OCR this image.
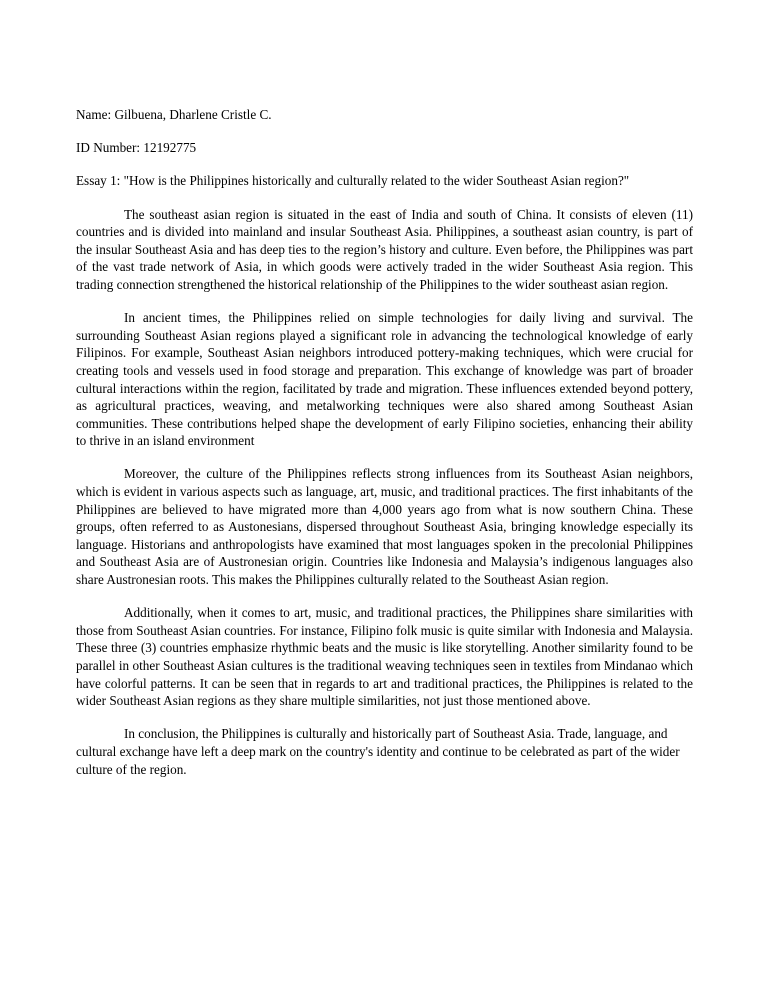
Name: Gilbuena, Dharlene Cristle C.

ID Number: 12192775

Essay 1: "How is the Philippines historically and culturally related to the wider Southeast Asian region?"

The southeast asian region is situated in the east of India and south of China. It consists of eleven (11) countries and is divided into mainland and insular Southeast Asia. Philippines, a southeast asian country, is part of the insular Southeast Asia and has deep ties to the region’s history and culture. Even before, the Philippines was part of the vast trade network of Asia, in which goods were actively traded in the wider Southeast Asia region. This trading connection strengthened the historical relationship of the Philippines to the wider southeast asian region.

In ancient times, the Philippines relied on simple technologies for daily living and survival. The surrounding Southeast Asian regions played a significant role in advancing the technological knowledge of early Filipinos. For example, Southeast Asian neighbors introduced pottery-making techniques, which were crucial for creating tools and vessels used in food storage and preparation. This exchange of knowledge was part of broader cultural interactions within the region, facilitated by trade and migration. These influences extended beyond pottery, as agricultural practices, weaving, and metalworking techniques were also shared among Southeast Asian communities. These contributions helped shape the development of early Filipino societies, enhancing their ability to thrive in an island environment

Moreover, the culture of the Philippines reflects strong influences from its Southeast Asian neighbors, which is evident in various aspects such as language, art, music, and traditional practices. The first inhabitants of the Philippines are believed to have migrated more than 4,000 years ago from what is now southern China. These groups, often referred to as Austonesians, dispersed throughout Southeast Asia, bringing knowledge especially its language. Historians and anthropologists have examined that most languages spoken in the precolonial Philippines and Southeast Asia are of Austronesian origin. Countries like Indonesia and Malaysia’s indigenous languages also share Austronesian roots. This makes the Philippines culturally related to the Southeast Asian region.

Additionally, when it comes to art, music, and traditional practices, the Philippines share similarities with those from Southeast Asian countries. For instance, Filipino folk music is quite similar with Indonesia and Malaysia. These three (3) countries emphasize rhythmic beats and the music is like storytelling. Another similarity found to be parallel in other Southeast Asian cultures is the traditional weaving techniques seen in textiles from Mindanao which have colorful patterns. It can be seen that in regards to art and traditional practices, the Philippines is related to the wider Southeast Asian regions as they share multiple similarities, not just those mentioned above.

In conclusion, the Philippines is culturally and historically part of Southeast Asia. Trade, language, and cultural exchange have left a deep mark on the country's identity and continue to be celebrated as part of the wider culture of the region.
